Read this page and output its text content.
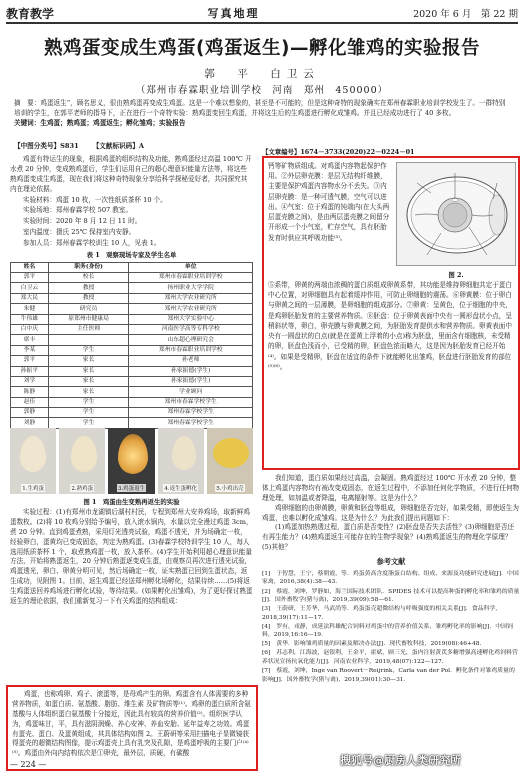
教育教学	写真地理	2020 年 6 月　第 22 期
熟鸡蛋变成生鸡蛋(鸡蛋返生)—孵化雏鸡的实验报告
郭　平　白卫云
（郑州市春霖职业培训学校　河南　郑州　450000）

摘　要：鸡蛋返生”，顾名思义，很由熟鸡蛋再变成生鸡蛋。这是一个难以想象的，甚至是不可能的，但是这种奇特的现象确实在郑州春霖职业培训学校发生了。一群特别培训的学生，在郭平老师的指导下，正在进行一个奇特实验：熟鸡蛋变回生鸡蛋，并将这生后的生鸡蛋进行孵化成雏鸡。并且已经成功进行了 40 多枚。

关键词：生鸡蛋；熟鸡蛋；鸡蛋返生；孵化雏鸡；实验报告

【中图分类号】S831 【文献标识码】A

鸡蛋有特运生的现象，根据鸡蛋的组织结构及功能，熟鸡蛋经过高温 100℃ 开水煮 20 分钟，变成熟鸡蛋后，学生们运用自己的超心理意识能量方法等，将这些熟鸡蛋变成生鸡蛋，现在我们将这种奇特现象分享给科学探秘爱好者，共同探究其内在理论依据。

实验材料：鸡蛋 10 枚，一次性纸质茶杯 10 个。

实验场地：郑州春霖学校 507 教室。

实验时间：2020 年 8 月 12 日 11 时。

室内温度：摄氏 25℃ 保持室内安静。

参加人员：郑州春霖学校训生 10 人，见表 1。

表 1　观察现场专家及学生名单
姓名	职务(身份)	单位
郭平	校长	郑州市春霖职业培训学校
白卫云	教授	扬州职业大学学院
郑大民	教授	郑州大学农业研究所
朱健	研究员	郑州大学农业研究所
牛伟雄	原郑州市健康局	郑州大学实验中心
白中庆	主任医师	河南医学高等专科学校
席丰		山东超心理研究会
李某	学生	郑州市春霖职业培训学校
郭平	家长	孙老师
孙振平	家长	孙家振德(学生)
刘学	家长	孙家振德(学生)
陈静	家长	学业顾问
赵佳	学生	郑州市春霖学校学生
郭静	学生	郑州春霖学校学生
刘静	学生	郑州春霖学校学生
1.生鸡蛋	2.熟鸡蛋	3.鸡蛋返生	4.返生蛋孵化	5.小鸡出壳
图 1　鸡蛋由生变熟再返生的实验

实验过程：(1)有郑州市龙湖镇后湖村村民，专程到郑州大安养鸡场，取新鲜鸡蛋数枚。(2)将 10 枚鸡分别给予编号，放入滚水锅内，水量以完全漫过鸡蛋 3cm，煮 20 分钟。直到鸡蛋煮熟，采用灯光透亮试验，鸡蛋不透光，并为场确定一枚，经验卵白，蛋黄均已变成固态，判定为熟鸡蛋。(3)春霖学校特训学生 10 人，每人选用纸质茶杯 1 个，取煮熟鸡蛋一枚，放入茶杯。(4)学生开始利用超心理意识能量方法，开始将熟蛋返生，20 分钟后熟蛋逐变成生蛋，由观察员再次进行透光试验，鸡蛋透光，卵白、卵黄分明可见，然后场确定一枚，证实熟蛋已回到生蛋状态，返生成功，见附图 1。目前，返生鸡蛋已经送郑州孵化场孵化，结果待续……(5)将返生鸡蛋送回养鸡场进行孵化试验，等待结果。(如果孵化出雏鸡)，为了更好探讨熟蛋返生的理论依据，我们重新复习一下有关鸡蛋的结构组成：

鸡蛋，也称鸡卵、鸡子、滚蛋等，是母鸡产生的卵。鸡蛋含有人体需要的多种营养物质，如蛋白质、氨基酸、脂肪、维生素 及矿物质等⁽¹⁾。鸡卵的蛋白质所含氨基酸与人体组织蛋白氨基酸十分接近，因此具有较高的营养价值⁽²⁾。组织医学认为，鸡蛋味甘，平，具有滋阴润燥、养心安神、养血安胎、延年益寿之功效。鸡蛋有蛋壳、蛋白、及蛋黄组成，其具体结构如图 2。王蔚研等采用扫描电子显微镜获得蛋壳的超微结构图像，提示鸡蛋壳上具有乳突及孔隙，是鸡蛋呼吸的主要门户⁽⁴⁾⁽⁵⁾。鸡蛋由外向内结构依次是①卵壳，最外层，质硬，有碳酸

— 224 —
【文章编号】1674－3733(2020)22－0224－01
钙等矿物质组成。对鸡蛋内容物起保护作用。②外层卵壳膜：是层无结构纤维膜，主要是保护鸡蛋内容物水分不丢失。③内层卵壳膜：是一种可透气膜，空气可以进出。④气室：位于鸡蛋的钝端内(在大头两层蛋壳膜之间)，是由两层蛋壳膜之间留分开形成一个小气室，贮存空气，具有胚胎发育时供应其呼吸功能⁽³⁾。
图 2.
⑤系带，卵黄的两端由浓稠的蛋白质组成卵黄系带，其功能是维持卵细胞共定于蛋白中心位置，对卵细胞具有起着缓冲作用，可防止卵细胞的震荡。⑥卵黄膜：位于卵白与卵黄之间的一层薄膜，是卵细胞的组成部分。⑦卵黄：呈黄色，位于细胞的中央，是鸡卵胚胎发育的主要营养物质。⑧胚盘：位于卵黄表面中央有一圆形盘状小点，呈稍斜状等，卵白，卵壳膜与卵黄膜之间，为胚胎发育提供水和营养物质。卵黄表面中央有一圆盘状的白点(就是在蛋黄上浮着的小点)称为胚盘，里面含有细胞核，未受精的卵，胚盘色浅而小，已受精的卵，胚盘色浓而略大，这是因为胚胎发育已经开始⁽⁴⁾。如果是受精卵，胚盘在适宜的条件下就能孵化出雏鸡，胚盘进行胚胎发育的部位⁽⁵⁾⁽⁶⁾。

我们知道，蛋白质如果经过高温，会凝固。熟鸡蛋经过 100℃ 开水煮 20 分钟，整体上鸡蛋内容物均有被改变成固态，在返生过程中，不添加任何化学物质，不进行任何物理处理，如加温或者降温，电离辐射等。这是为什么？

鸡卵细胞的由卵黄膜，卵黄和胚盘等组成，卵细胞是否完好，如果受精，即使返生为鸡蛋，也难以孵化成雏鸡。这是为什么？为此我们提出问题如下：

(1)鸡蛋加热熟透过程，蛋白质是否变性？(2)胚盘是否失去活性？(3)卵细胞是否还有再生能力？(4)熟鸡蛋返生可能存在的生物学现象？(4)熟鸡蛋返生的物理化学原理？(5)其他？

参考文献
[1]　于智慧，王宁，蔡朝霞，等．鸡蛋黄高含度脂蛋白结构、组成、来源及功能研究进展[J]．中国家禽，2016,38(4):38—43.
[2]　蔡霞，刘坤，罗静如，海兰国际技术团队．SPIDES 技术可以提高种蛋的孵化率和雏鸡的质量[J]．国外畜牧学(猪与禽)，2019,39(09):58—61.
[3]　王蔚研，王芳华，马武尚等．鸡蛋蛋壳超微结构与呼吸强度的相关关系[J]．食品科学，2018,39(17):11—17.
[4]　罗有，戎静，成延法科雄配合饲料对鸡蛋中的营养价值关系，雏鸡孵化率的影响[J]．中国饲料，2019,16:16—19.
[5]　黄华．影响雏鸡质量的因素及解决办法[J]．现代畜牧科技，2019(08):46+48.
[6]　苏志利，江海波，赵银利，王金平，霍斌，顾三光，蛋内注射黄芪多糖增强高速孵化鸡饲料营养状况宣扬抗氧化能力[J]．河南农业科学，2019,48(07):122—127.
[7]　蔡霞，刘坤，Inge van Roovert－Reijrink，Carla van der Pol．孵化条件对雏鸡质量的影响[J]．国外畜牧学(猪与禽)，2019,39(01):30—31.
搜狐号@厨房人类研究所
